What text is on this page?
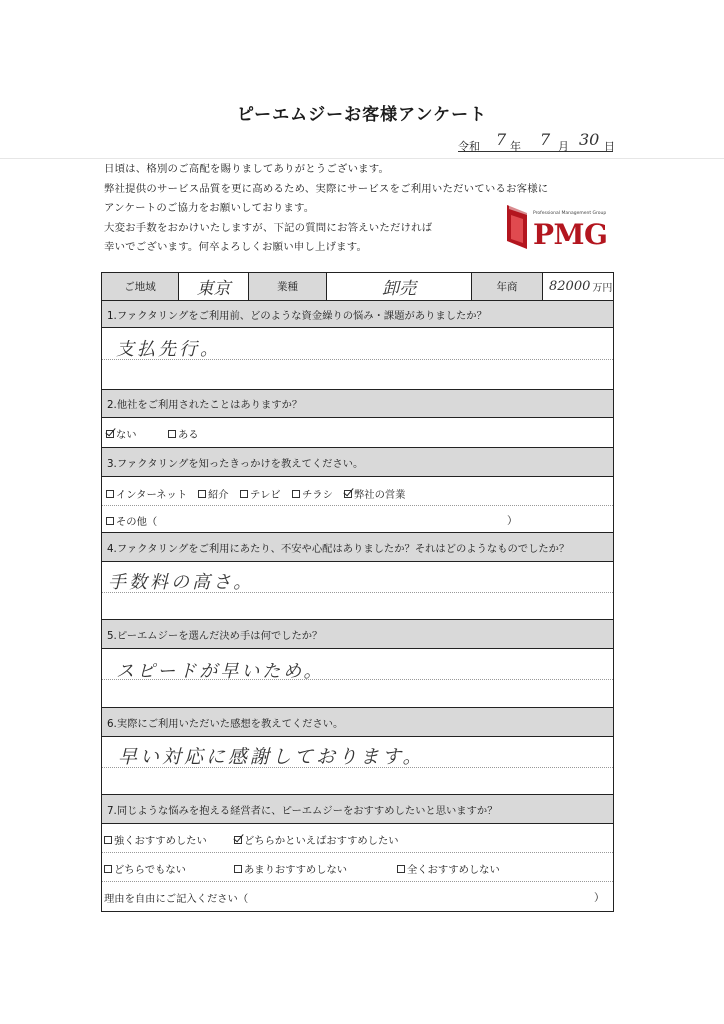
ピーエムジーお客様アンケート
令和 7 年 7 月 30 日

日頃は、格別のご高配を賜りましてありがとうございます。

弊社提供のサービス品質を更に高めるため、実際にサービスをご利用いただいているお客様に

アンケートのご協力をお願いしております。

大変お手数をおかけいたしますが、下記の質問にお答えいただければ

幸いでございます。何卒よろしくお願い申し上げます。

Professional Management Group
PMG
ご地域	東京	業種	卸売	年商	82000 万円
1.ファクタリングをご利用前、どのような資金繰りの悩み・課題がありましたか？
支払先行。
2.他社をご利用されたことはありますか？
ない	ある
3.ファクタリングを知ったきっかけを教えてください。
インターネット 紹介 テレビ チラシ 弊社の営業
その他（	）
4.ファクタリングをご利用にあたり、不安や心配はありましたか？それはどのようなものでしたか？
手数料の高さ。
5.ピーエムジーを選んだ決め手は何でしたか？
スピードが早いため。
6.実際にご利用いただいた感想を教えてください。
早い対応に感謝しております。
7.同じような悩みを抱える経営者に、ピーエムジーをおすすめしたいと思いますか？
強くおすすめしたい	どちらかといえばおすすめしたい
どちらでもない	あまりおすすめしない	全くおすすめしない
理由を自由にご記入ください（	）
